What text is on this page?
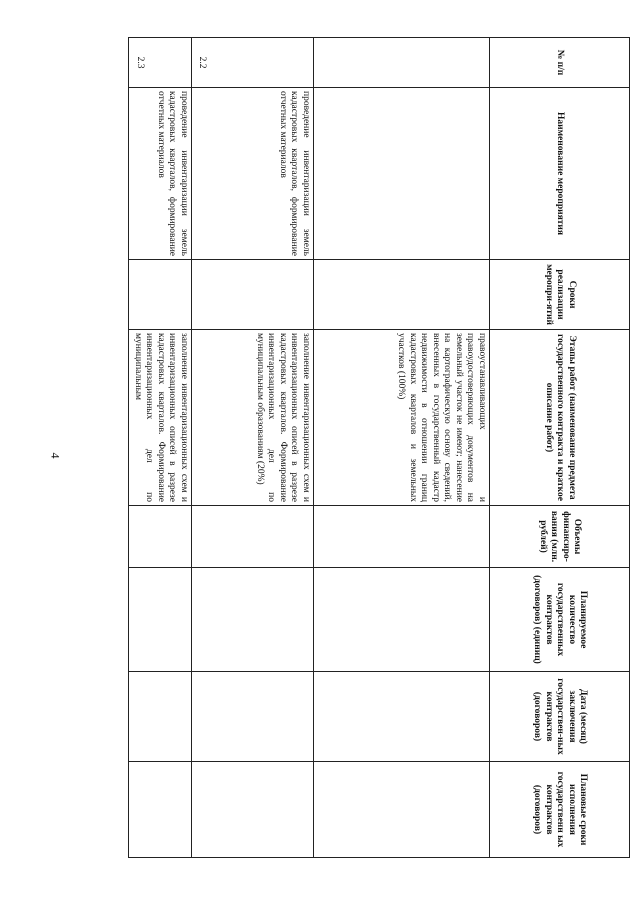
4
№ п/п	Наименование мероприятия	Сроки реализации меропри-ятий	Этапы работ (наименование предмета государственного контракта и краткое описание работ)	Объемы финансиро-вания (млн. рублей)	Планируемое количество государственных контрактов (договоров) (единиц)	Дата (месяц) заключения государствен-ных контрактов (договоров)	Плановые сроки исполнения государственн ых контрактов (договоров)
			правоустанавливающих и правоудостоверяющих документов на земельный участок не имеют; нанесение на картографическую основу сведений, внесенных в государственный кадастр недвижимости в отношении границ кадастровых кварталов и земельных участков (100%)				
2.2	проведение инвентаризации земель кадастровых кварталов, формирование отчетных материалов		заполнение инвентаризационных схем и инвентаризационных описей в разрезе кадастровых кварталов. Формирование инвентаризационных дел по муниципальным образованиям (20%)				
2.3	проведение инвентаризации земель кадастровых кварталов, формирование отчетных материалов		заполнение инвентаризационных схем и инвентаризационных описей в разрезе кадастровых кварталов. Формирование инвентаризационных дел по муниципальным				
